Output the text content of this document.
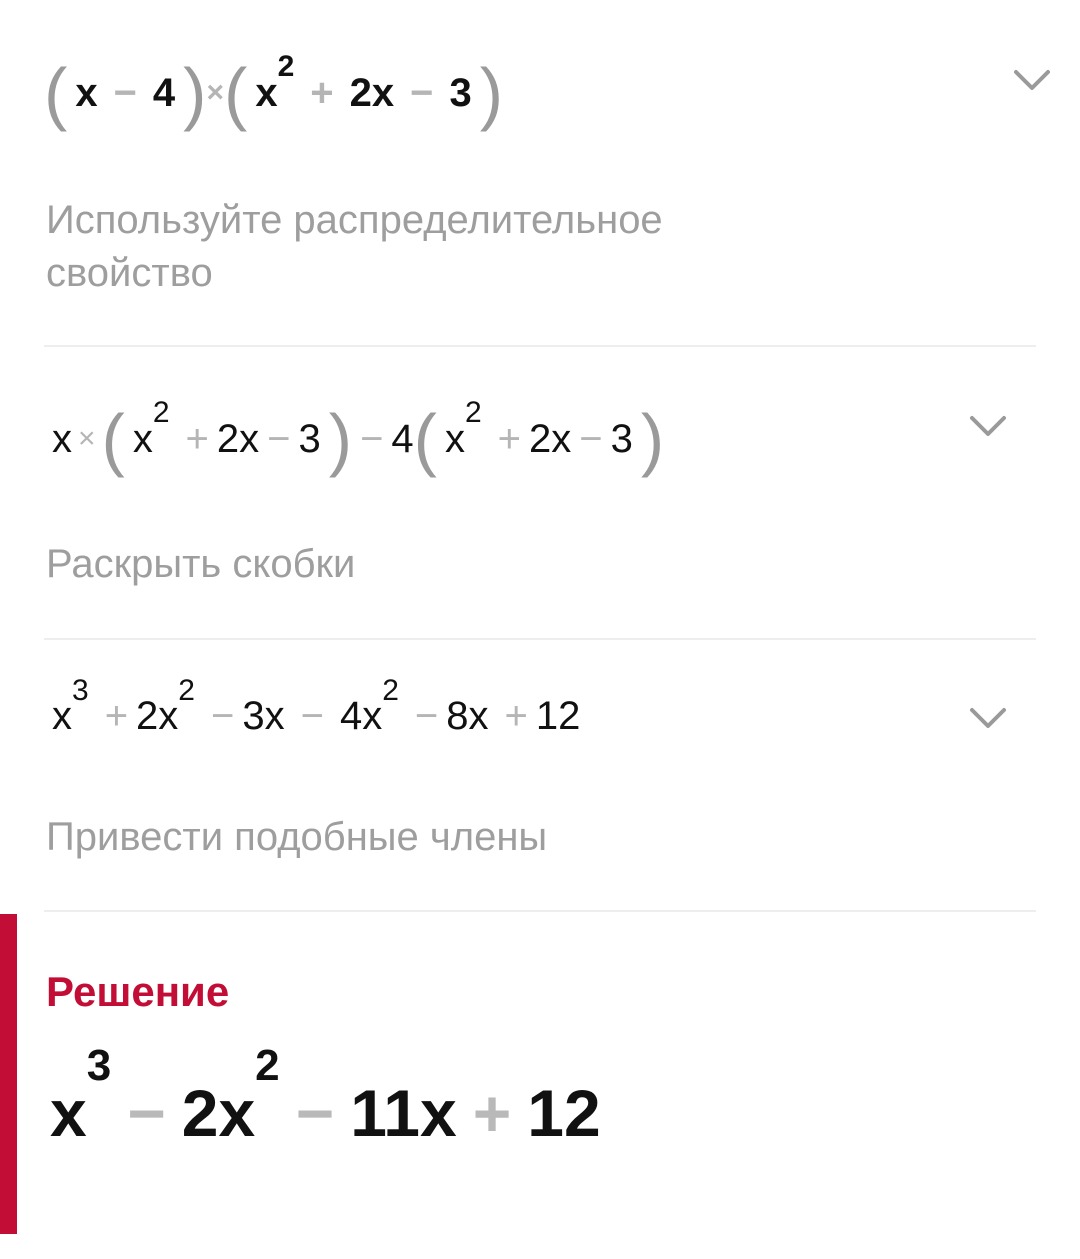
( x − 4 ) × ( x
2
+ 2x − 3 )
Используйте распределительное свойство
x × ( x
2
+ 2x − 3 ) − 4 ( x
2
+ 2x − 3 )
Раскрыть скобки
x
3
+ 2x
2
− 3x − 4x
2
− 8x + 12
Привести подобные члены
Решение
x
3
− 2x
2
− 11x + 12
